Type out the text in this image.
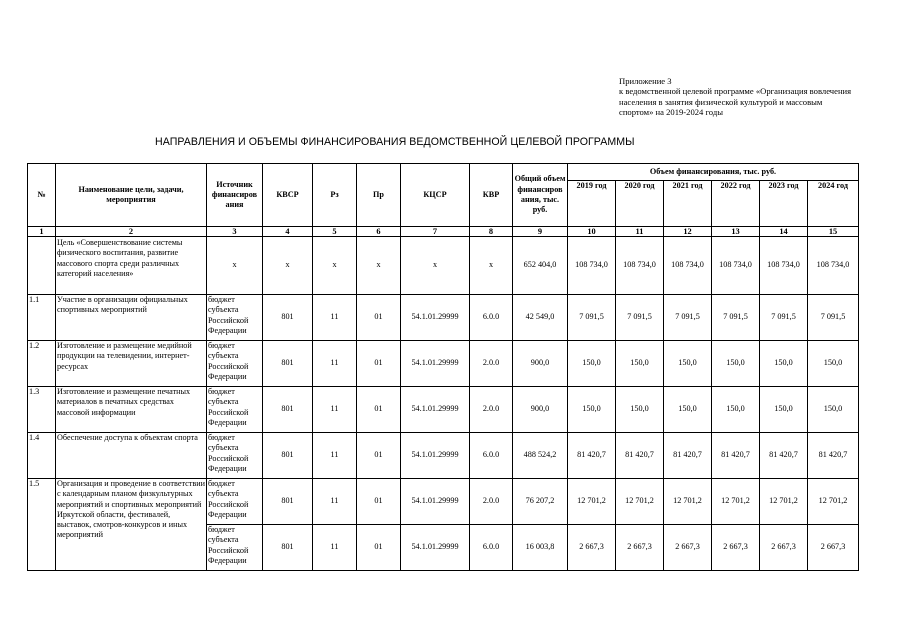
Приложение 3
к ведомственной целевой программе «Организация вовлечения
населения в занятия физической культурой и массовым
спортом» на 2019-2024 годы
НАПРАВЛЕНИЯ И ОБЪЕМЫ ФИНАНСИРОВАНИЯ ВЕДОМСТВЕННОЙ ЦЕЛЕВОЙ ПРОГРАММЫ
№	Наименование цели, задачи, мероприятия	Источник финансиров ания	КВСР	Рз	Пр	КЦСР	КВР	Общий объем финансиров ания, тыс. руб.	Объем финансирования, тыс. руб.					
									2019 год	2020 год	2021 год	2022 год	2023 год	2024 год
1	2	3	4	5	6	7	8	9	10	11	12	13	14	15
	Цель «Совершенствование системы физического воспитания, развитие массового спорта среди различных категорий населения»	х	х	х	х	х	х	652 404,0	108 734,0	108 734,0	108 734,0	108 734,0	108 734,0	108 734,0
1.1	Участие в организации официальных спортивных мероприятий	бюджет субъекта Российской Федерации	801	11	01	54.1.01.29999	6.0.0	42 549,0	7 091,5	7 091,5	7 091,5	7 091,5	7 091,5	7 091,5
1.2	Изготовление и размещение медийной продукции на телевидении, интернет-ресурсах	бюджет субъекта Российской Федерации	801	11	01	54.1.01.29999	2.0.0	900,0	150,0	150,0	150,0	150,0	150,0	150,0
1.3	Изготовление и размещение печатных материалов в печатных средствах массовой информации	бюджет субъекта Российской Федерации	801	11	01	54.1.01.29999	2.0.0	900,0	150,0	150,0	150,0	150,0	150,0	150,0
1.4	Обеспечение доступа к объектам спорта	бюджет субъекта Российской Федерации	801	11	01	54.1.01.29999	6.0.0	488 524,2	81 420,7	81 420,7	81 420,7	81 420,7	81 420,7	81 420,7
1.5	Организация и проведение в соответствии с календарным планом физкультурных мероприятий и спортивных мероприятий Иркутской области, фестивалей, выставок, смотров-конкурсов и иных мероприятий	бюджет субъекта Российской Федерации	801	11	01	54.1.01.29999	2.0.0	76 207,2	12 701,2	12 701,2	12 701,2	12 701,2	12 701,2	12 701,2
		бюджет субъекта Российской Федерации	801	11	01	54.1.01.29999	6.0.0	16 003,8	2 667,3	2 667,3	2 667,3	2 667,3	2 667,3	2 667,3
